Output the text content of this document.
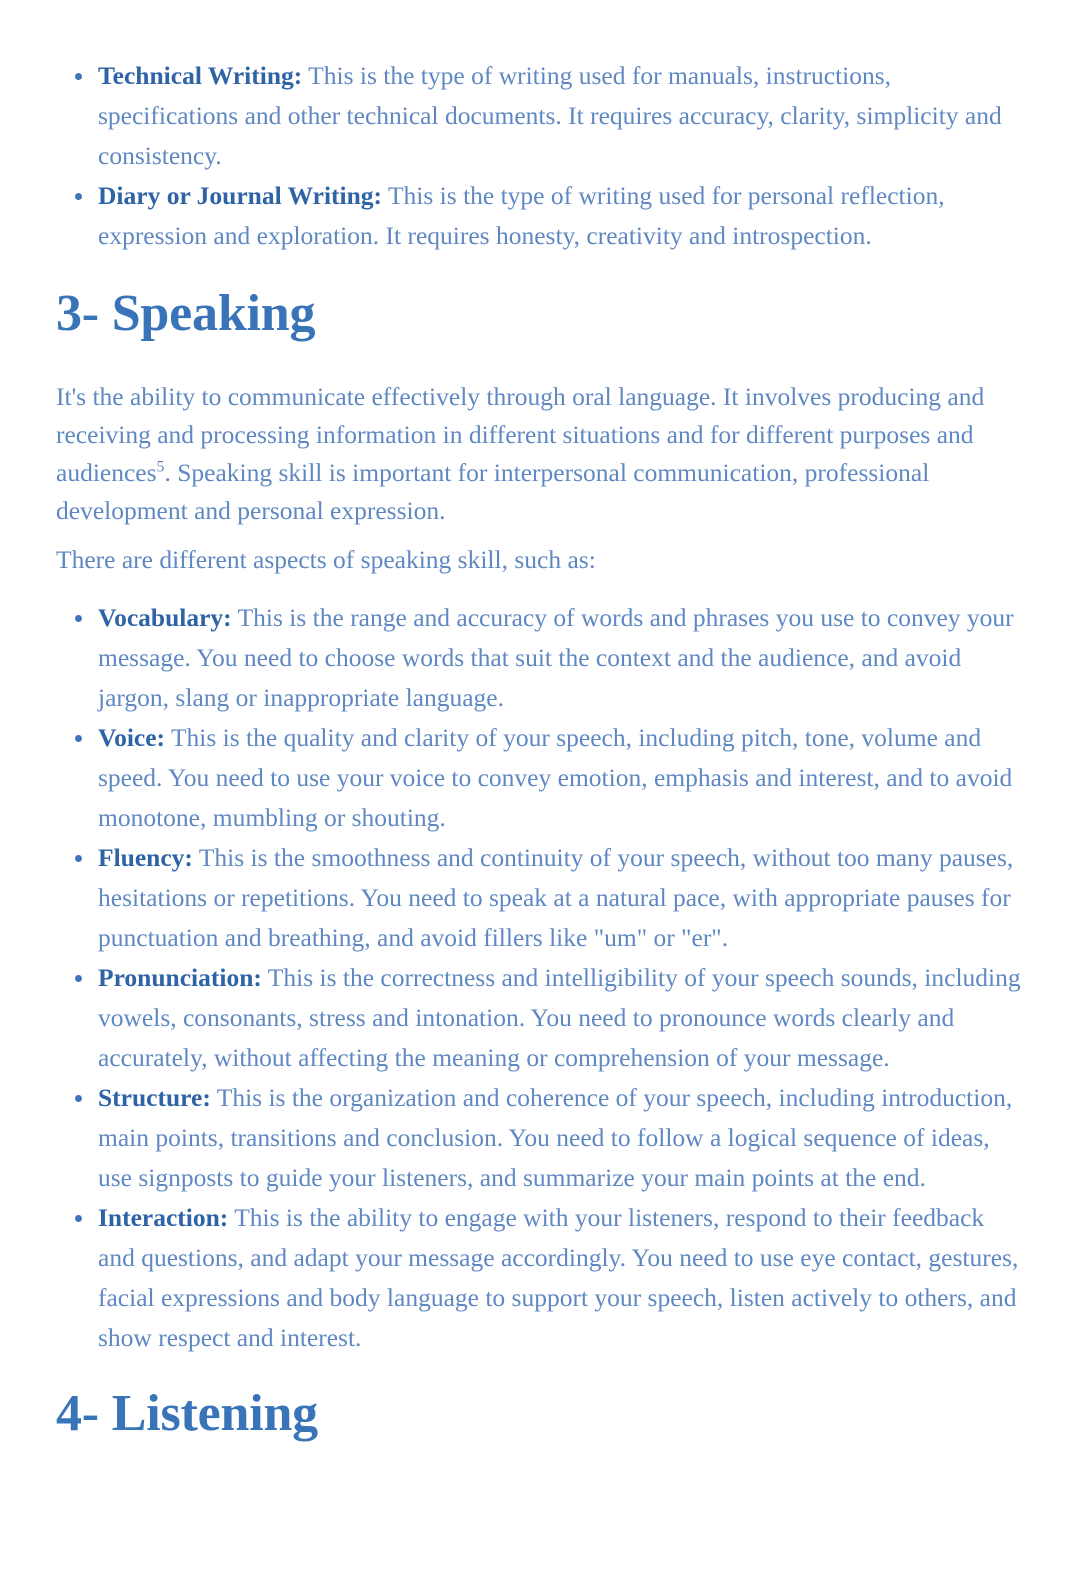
Technical Writing: This is the type of writing used for manuals, instructions, specifications and other technical documents. It requires accuracy, clarity, simplicity and consistency.
Diary or Journal Writing: This is the type of writing used for personal reflection, expression and exploration. It requires honesty, creativity and introspection.
3- Speaking

It's the ability to communicate effectively through oral language. It involves producing and receiving and processing information in different situations and for different purposes and audiences$^5$. Speaking skill is important for interpersonal communication, professional development and personal expression.

There are different aspects of speaking skill, such as:

Vocabulary: This is the range and accuracy of words and phrases you use to convey your message. You need to choose words that suit the context and the audience, and avoid jargon, slang or inappropriate language.
Voice: This is the quality and clarity of your speech, including pitch, tone, volume and speed. You need to use your voice to convey emotion, emphasis and interest, and to avoid monotone, mumbling or shouting.
Fluency: This is the smoothness and continuity of your speech, without too many pauses, hesitations or repetitions. You need to speak at a natural pace, with appropriate pauses for punctuation and breathing, and avoid fillers like "um" or "er".
Pronunciation: This is the correctness and intelligibility of your speech sounds, including vowels, consonants, stress and intonation. You need to pronounce words clearly and accurately, without affecting the meaning or comprehension of your message.
Structure: This is the organization and coherence of your speech, including introduction, main points, transitions and conclusion. You need to follow a logical sequence of ideas, use signposts to guide your listeners, and summarize your main points at the end.
Interaction: This is the ability to engage with your listeners, respond to their feedback and questions, and adapt your message accordingly. You need to use eye contact, gestures, facial expressions and body language to support your speech, listen actively to others, and show respect and interest.
4- Listening
